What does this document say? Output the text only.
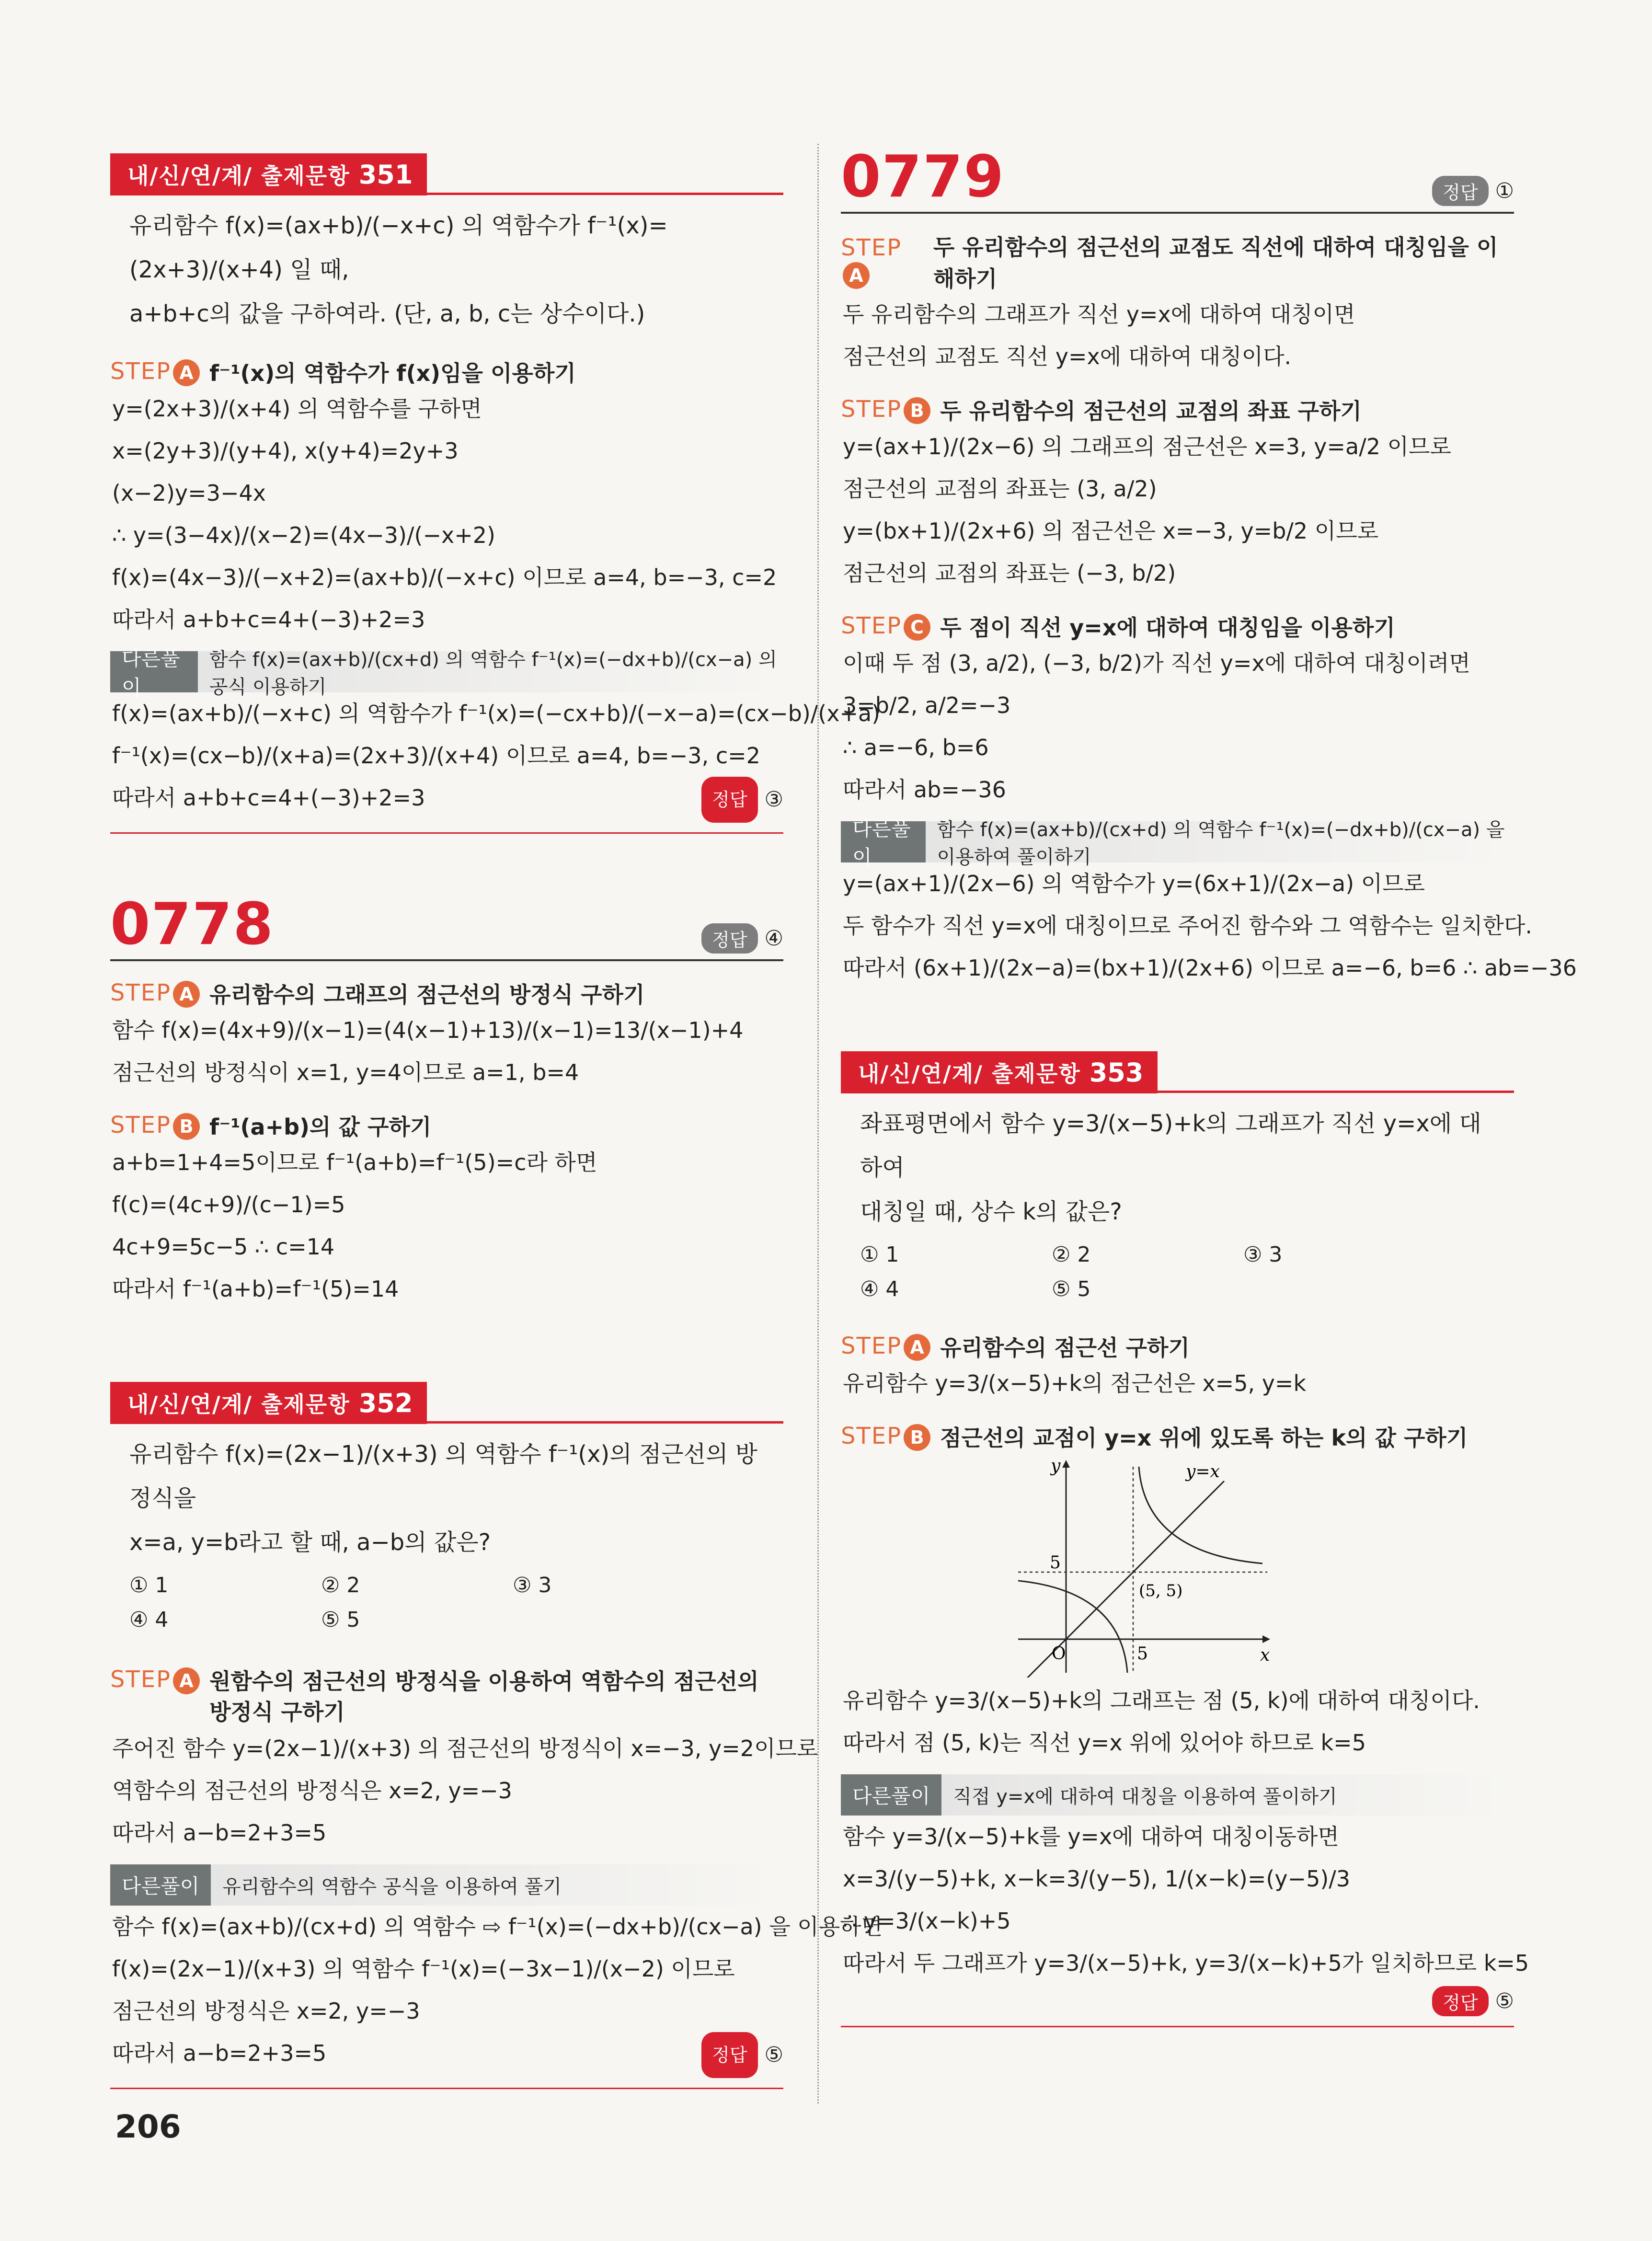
내/신/연/계/ 출제문항 351
유리함수 f(x)=(ax+b)/(−x+c) 의 역함수가 f⁻¹(x)=(2x+3)/(x+4) 일 때,
a+b+c의 값을 구하여라. (단, a, b, c는 상수이다.)
STEP A f⁻¹(x)의 역함수가 f(x)임을 이용하기
y=(2x+3)/(x+4) 의 역함수를 구하면
x=(2y+3)/(y+4), x(y+4)=2y+3
(x−2)y=3−4x
∴ y=(3−4x)/(x−2)=(4x−3)/(−x+2)
f(x)=(4x−3)/(−x+2)=(ax+b)/(−x+c) 이므로 a=4, b=−3, c=2
따라서 a+b+c=4+(−3)+2=3
다른풀이
함수 f(x)=(ax+b)/(cx+d) 의 역함수 f⁻¹(x)=(−dx+b)/(cx−a) 의 공식 이용하기
f(x)=(ax+b)/(−x+c) 의 역함수가 f⁻¹(x)=(−cx+b)/(−x−a)=(cx−b)/(x+a)
f⁻¹(x)=(cx−b)/(x+a)=(2x+3)/(x+4) 이므로 a=4, b=−3, c=2
따라서 a+b+c=4+(−3)+2=3	정답 ③
0778	정답 ④
STEP A 유리함수의 그래프의 점근선의 방정식 구하기
함수 f(x)=(4x+9)/(x−1)=(4(x−1)+13)/(x−1)=13/(x−1)+4
점근선의 방정식이 x=1, y=4이므로 a=1, b=4
STEP B f⁻¹(a+b)의 값 구하기
a+b=1+4=5이므로 f⁻¹(a+b)=f⁻¹(5)=c라 하면
f(c)=(4c+9)/(c−1)=5
4c+9=5c−5 ∴ c=14
따라서 f⁻¹(a+b)=f⁻¹(5)=14
내/신/연/계/ 출제문항 352
유리함수 f(x)=(2x−1)/(x+3) 의 역함수 f⁻¹(x)의 점근선의 방정식을
x=a, y=b라고 할 때, a−b의 값은?
① 1	② 2	③ 3
④ 4	⑤ 5
STEP A 원함수의 점근선의 방정식을 이용하여 역함수의 점근선의
방정식 구하기
주어진 함수 y=(2x−1)/(x+3) 의 점근선의 방정식이 x=−3, y=2이므로
역함수의 점근선의 방정식은 x=2, y=−3
따라서 a−b=2+3=5
다른풀이	유리함수의 역함수 공식을 이용하여 풀기
함수 f(x)=(ax+b)/(cx+d) 의 역함수 ⇨ f⁻¹(x)=(−dx+b)/(cx−a) 을 이용하면
f(x)=(2x−1)/(x+3) 의 역함수 f⁻¹(x)=(−3x−1)/(x−2) 이므로
점근선의 방정식은 x=2, y=−3
따라서 a−b=2+3=5	정답 ⑤
0779	정답 ①
STEPA
두 유리함수의 점근선의 교점도 직선에 대하여 대칭임을 이해하기
두 유리함수의 그래프가 직선 y=x에 대하여 대칭이면
점근선의 교점도 직선 y=x에 대하여 대칭이다.
STEP B 두 유리함수의 점근선의 교점의 좌표 구하기
y=(ax+1)/(2x−6) 의 그래프의 점근선은 x=3, y=a/2 이므로
점근선의 교점의 좌표는 (3, a/2)
y=(bx+1)/(2x+6) 의 점근선은 x=−3, y=b/2 이므로
점근선의 교점의 좌표는 (−3, b/2)
STEP C 두 점이 직선 y=x에 대하여 대칭임을 이용하기
이때 두 점 (3, a/2), (−3, b/2)가 직선 y=x에 대하여 대칭이려면
3=b/2, a/2=−3
∴ a=−6, b=6
따라서 ab=−36
다른풀이
함수 f(x)=(ax+b)/(cx+d) 의 역함수 f⁻¹(x)=(−dx+b)/(cx−a) 을 이용하여 풀이하기
y=(ax+1)/(2x−6) 의 역함수가 y=(6x+1)/(2x−a) 이므로
두 함수가 직선 y=x에 대칭이므로 주어진 함수와 그 역함수는 일치한다.
따라서 (6x+1)/(2x−a)=(bx+1)/(2x+6) 이므로 a=−6, b=6 ∴ ab=−36
내/신/연/계/ 출제문항 353
좌표평면에서 함수 y=3/(x−5)+k의 그래프가 직선 y=x에 대하여
대칭일 때, 상수 k의 값은?
① 1	② 2	③ 3
④ 4	⑤ 5
STEP A 유리함수의 점근선 구하기
유리함수 y=3/(x−5)+k의 점근선은 x=5, y=k
STEP B 점근선의 교점이 y=x 위에 있도록 하는 k의 값 구하기
y
x
O	5
5
(5, 5)
y=x
유리함수 y=3/(x−5)+k의 그래프는 점 (5, k)에 대하여 대칭이다.
따라서 점 (5, k)는 직선 y=x 위에 있어야 하므로 k=5
다른풀이	직접 y=x에 대하여 대칭을 이용하여 풀이하기
함수 y=3/(x−5)+k를 y=x에 대하여 대칭이동하면
x=3/(y−5)+k, x−k=3/(y−5), 1/(x−k)=(y−5)/3
∴ y=3/(x−k)+5
따라서 두 그래프가 y=3/(x−5)+k, y=3/(x−k)+5가 일치하므로 k=5
정답 ⑤
206
